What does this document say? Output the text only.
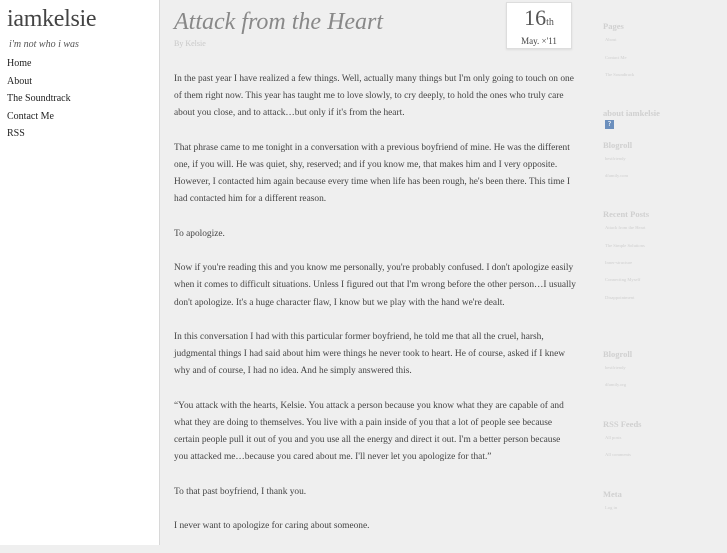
iamkelsie
i'm not who i was
Home
About
The Soundtrack
Contact Me
RSS
Attack from the Heart
By Kelsie
16th
May. ×'11

In the past year I have realized a few things. Well, actually many things but I'm only going to touch on one of them right now. This year has taught me to love slowly, to cry deeply, to hold the ones who truly care about you close, and to attack…but only if it's from the heart.

That phrase came to me tonight in a conversation with a previous boyfriend of mine. He was the different one, if you will. He was quiet, shy, reserved; and if you know me, that makes him and I very opposite. However, I contacted him again because every time when life has been rough, he's been there. This time I had contacted him for a different reason.

To apologize.

Now if you're reading this and you know me personally, you're probably confused. I don't apologize easily when it comes to difficult situations. Unless I figured out that I'm wrong before the other person…I usually don't apologize. It's a huge character flaw, I know but we play with the hand we're dealt.

In this conversation I had with this particular former boyfriend, he told me that all the cruel, harsh, judgmental things I had said about him were things he never took to heart. He of course, asked if I knew why and of course, I had no idea. And he simply answered this.

“You attack with the hearts, Kelsie. You attack a person because you know what they are capable of and what they are doing to themselves. You live with a pain inside of you that a lot of people see because certain people pull it out of you and you use all the energy and direct it out. I'm a better person because you attacked me…because you cared about me. I'll never let you apologize for that.”

To that past boyfriend, I thank you.

I never want to apologize for caring about someone.

Pages
About
Contact Me
The Soundtrack
about iamkelsie
?
Blogroll
bestfriendy
dfamily.com
Recent Posts
Attack from the Heart
The Simple Solutions
Inner-structure
Connecting Myself
Disappointment
Blogroll
bestfriendy
dfamily.org
RSS Feeds
All posts
All comments
Meta
Log in
